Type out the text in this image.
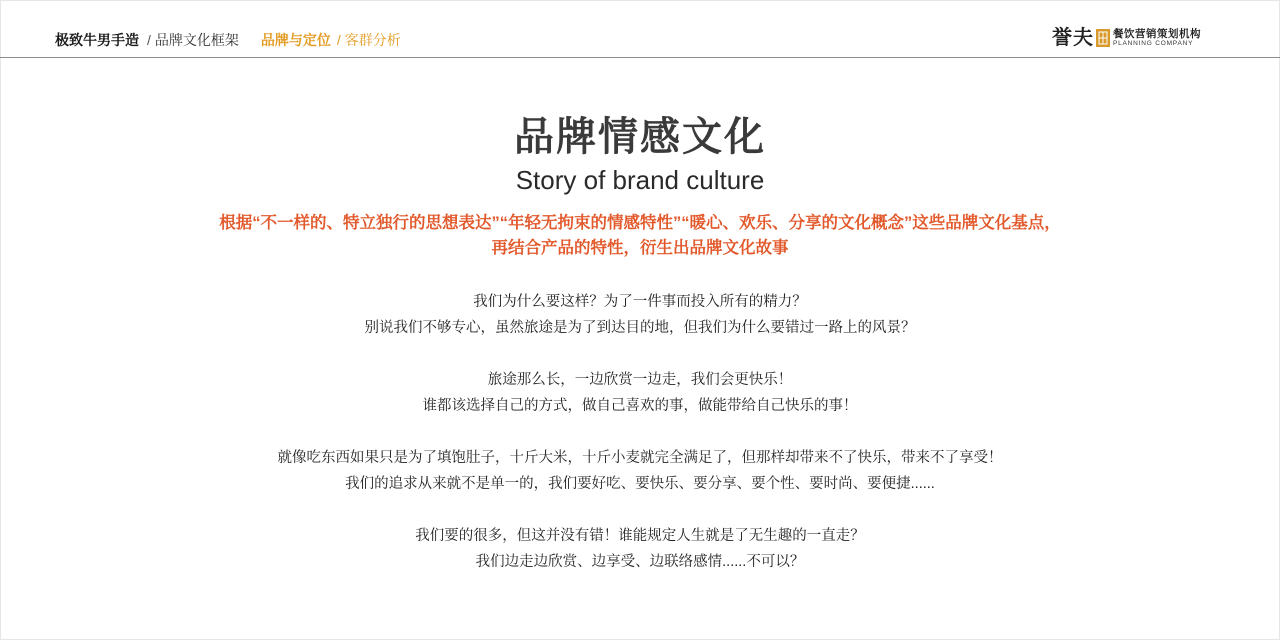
极致牛男手造 / 品牌文化框架 品牌与定位 / 客群分析	誉夫 餐饮营销策划机构
PLANNING COMPANY
品牌情感文化
Story of brand culture
根据“不一样的、特立独行的思想表达”“年轻无拘束的情感特性”“暖心、欢乐、分享的文化概念”这些品牌文化基点，
再结合产品的特性，衍生出品牌文化故事

我们为什么要这样？为了一件事而投入所有的精力？

别说我们不够专心，虽然旅途是为了到达目的地，但我们为什么要错过一路上的风景？

旅途那么长，一边欣赏一边走，我们会更快乐！

谁都该选择自己的方式，做自己喜欢的事，做能带给自己快乐的事！

就像吃东西如果只是为了填饱肚子，十斤大米，十斤小麦就完全满足了，但那样却带来不了快乐，带来不了享受！

我们的追求从来就不是单一的，我们要好吃、要快乐、要分享、要个性、要时尚、要便捷......

我们要的很多，但这并没有错！谁能规定人生就是了无生趣的一直走？

我们边走边欣赏、边享受、边联络感情......不可以？
